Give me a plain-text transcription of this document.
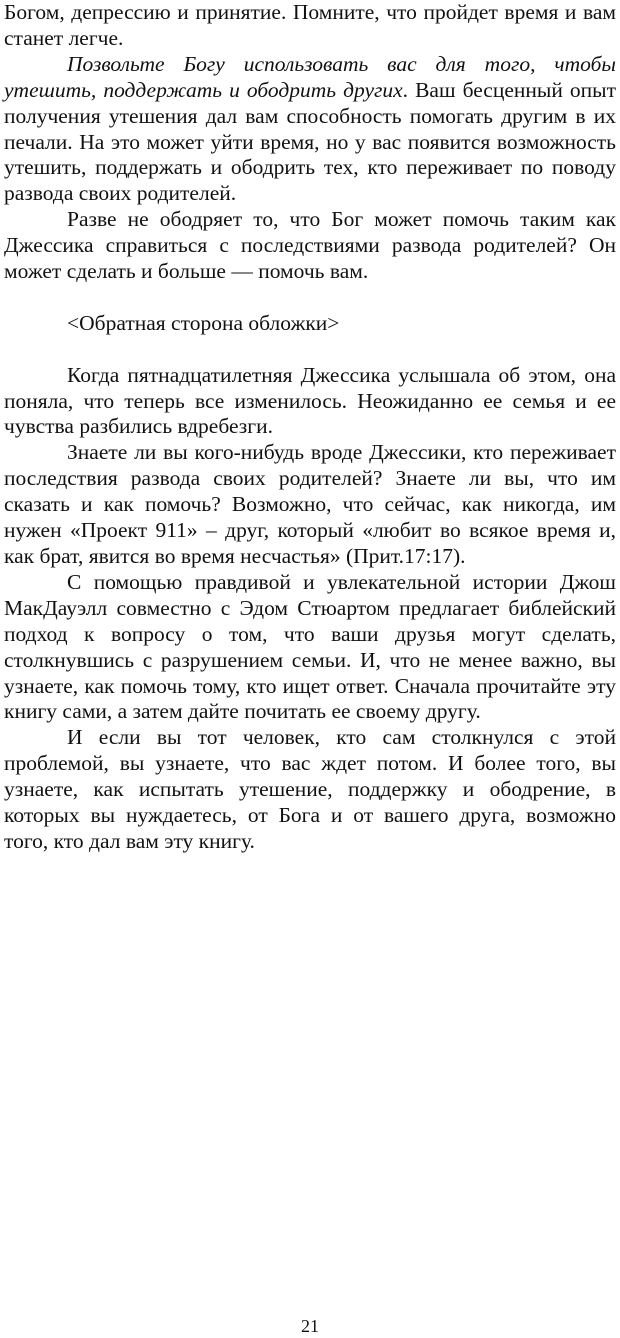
Богом, депрессию и принятие. Помните, что пройдет время и вам станет легче.

Позвольте Богу использовать вас для того, чтобы утешить, поддержать и ободрить других. Ваш бесценный опыт получения утешения дал вам способность помогать другим в их печали. На это может уйти время, но у вас появится возможность утешить, поддержать и ободрить тех, кто переживает по поводу развода своих родителей.

Разве не ободряет то, что Бог может помочь таким как Джессика справиться с последствиями развода родителей? Он может сделать и больше — помочь вам.

<Обратная сторона обложки>

Когда пятнадцатилетняя Джессика услышала об этом, она поняла, что теперь все изменилось. Неожиданно ее семья и ее чувства разбились вдребезги.

Знаете ли вы кого-нибудь вроде Джессики, кто переживает последствия развода своих родителей? Знаете ли вы, что им сказать и как помочь? Возможно, что сейчас, как никогда, им нужен «Проект 911» – друг, который «любит во всякое время и, как брат, явится во время несчастья» (Прит.17:17).

С помощью правдивой и увлекательной истории Джош МакДауэлл совместно с Эдом Стюартом предлагает библейский подход к вопросу о том, что ваши друзья могут сделать, столкнувшись с разрушением семьи. И, что не менее важно, вы узнаете, как помочь тому, кто ищет ответ. Сначала прочитайте эту книгу сами, а затем дайте почитать ее своему другу.

И если вы тот человек, кто сам столкнулся с этой проблемой, вы узнаете, что вас ждет потом. И более того, вы узнаете, как испытать утешение, поддержку и ободрение, в которых вы нуждаетесь, от Бога и от вашего друга, возможно того, кто дал вам эту книгу.

21
